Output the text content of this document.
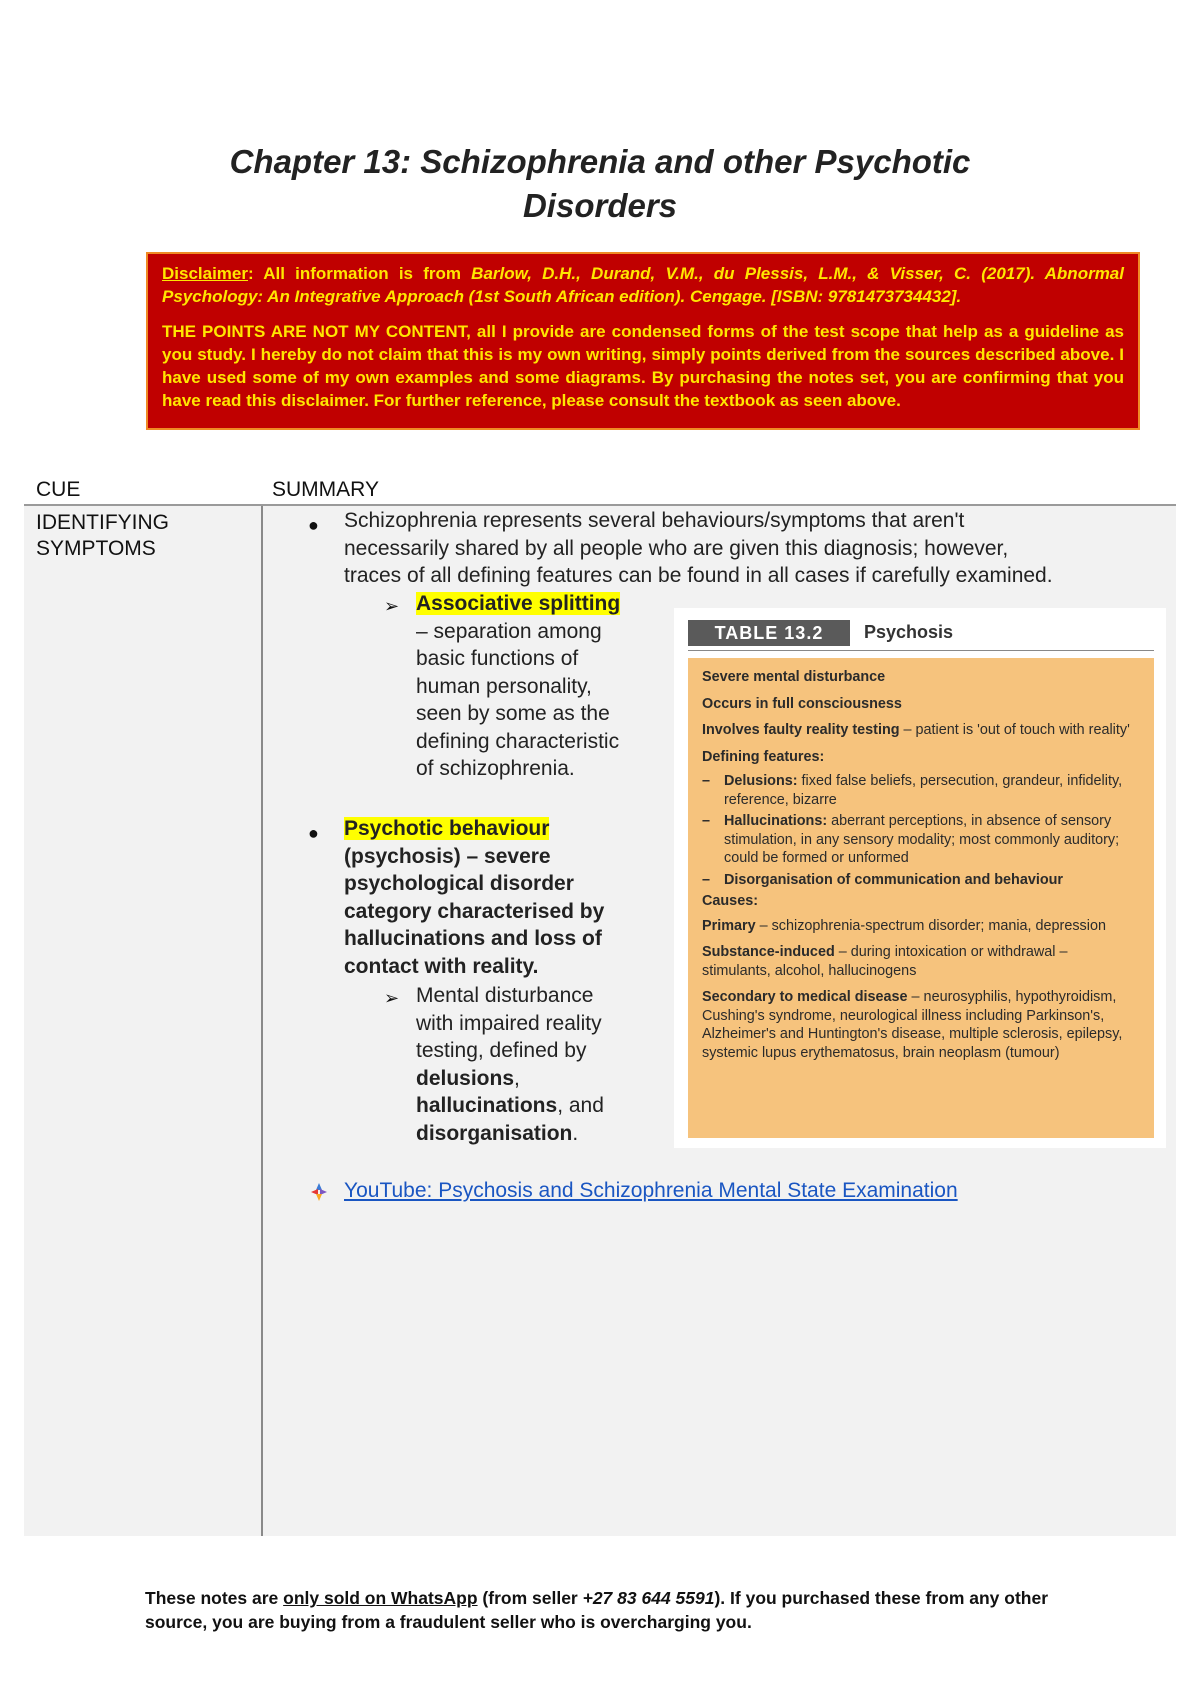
Chapter 13: Schizophrenia and other Psychotic
Disorders

Disclaimer: All information is from Barlow, D.H., Durand, V.M., du Plessis, L.M., & Visser, C. (2017). Abnormal Psychology: An Integrative Approach (1st South African edition). Cengage. [ISBN: 9781473734432].

THE POINTS ARE NOT MY CONTENT, all I provide are condensed forms of the test scope that help as a guideline as you study. I hereby do not claim that this is my own writing, simply points derived from the sources described above. I have used some of my own examples and some diagrams. By purchasing the notes set, you are confirming that you have read this disclaimer. For further reference, please consult the textbook as seen above.

CUE	SUMMARY
IDENTIFYING
SYMPTOMS
● Schizophrenia represents several behaviours/symptoms that aren't
necessarily shared by all people who are given this diagnosis; however,
traces of all defining features can be found in all cases if carefully examined.
➢ Associative splitting
– separation among
basic functions of
human personality,
seen by some as the
defining characteristic
of schizophrenia.
● Psychotic behaviour
(psychosis) – severe
psychological disorder
category characterised by
hallucinations and loss of
contact with reality.
➢ Mental disturbance
with impaired reality
testing, defined by
delusions,
hallucinations, and
disorganisation.
TABLE 13.2	Psychosis
Severe mental disturbance
Occurs in full consciousness
Involves faulty reality testing – patient is 'out of touch with reality'
Defining features:
– Delusions: fixed false beliefs, persecution, grandeur, infidelity, reference, bizarre
– Hallucinations: aberrant perceptions, in absence of sensory stimulation, in any sensory modality; most commonly auditory; could be formed or unformed
– Disorganisation of communication and behaviour
Causes:
Primary – schizophrenia-spectrum disorder; mania, depression
Substance-induced – during intoxication or withdrawal – stimulants, alcohol, hallucinogens
Secondary to medical disease – neurosyphilis, hypothyroidism, Cushing's syndrome, neurological illness including Parkinson's, Alzheimer's and Huntington's disease, multiple sclerosis, epilepsy, systemic lupus erythematosus, brain neoplasm (tumour)
YouTube: Psychosis and Schizophrenia Mental State Examination
These notes are only sold on WhatsApp (from seller +27 83 644 5591). If you purchased these from any other source, you are buying from a fraudulent seller who is overcharging you.
